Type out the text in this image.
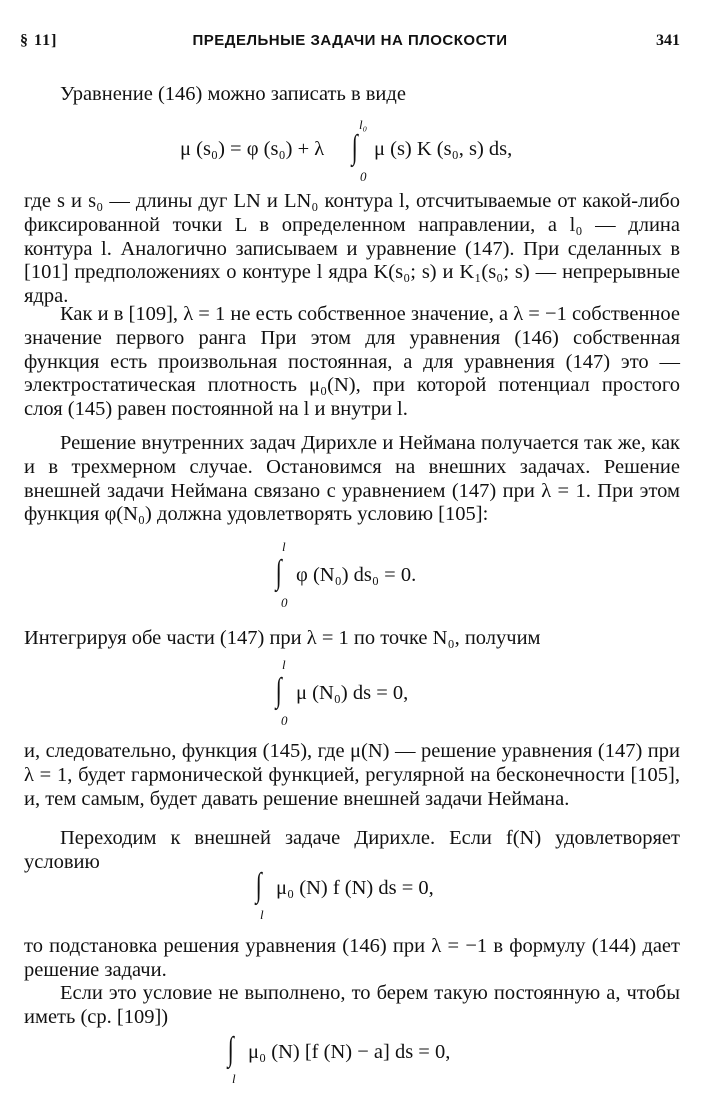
§ 11]	ПРЕДЕЛЬНЫЕ ЗАДАЧИ НА ПЛОСКОСТИ	341
Уравнение (146) можно записать в виде
μ (s₀) = φ (s₀) + λ ∫
l₀
0
μ (s) K (s₀, s) ds,
где s и s₀ — длины дуг LN и LN₀ контура l, отсчитываемые от какой-либо фиксированной точки L в определенном направлении, а l₀ — длина контура l. Аналогично записываем и уравнение (147). При сделанных в [101] предположениях о контуре l ядра K(s₀; s) и K₁(s₀; s) — непрерывные ядра.
Как и в [109], λ = 1 не есть собственное значение, а λ = −1 собственное значение первого ранга При этом для уравнения (146) собственная функция есть произвольная постоянная, а для уравнения (147) это — электростатическая плотность μ₀(N), при которой потенциал простого слоя (145) равен постоянной на l и внутри l.
Решение внутренних задач Дирихле и Неймана получается так же, как и в трехмерном случае. Остановимся на внешних задачах. Решение внешней задачи Неймана связано с уравнением (147) при λ = 1. При этом функция φ(N₀) должна удовлетворять условию [105]:
∫
l
0
φ (N₀) ds₀ = 0.
Интегрируя обе части (147) при λ = 1 по точке N₀, получим
∫
l
0
μ (N₀) ds = 0,
и, следовательно, функция (145), где μ(N) — решение уравнения (147) при λ = 1, будет гармонической функцией, регулярной на бесконечности [105], и, тем самым, будет давать решение внешней задачи Неймана.
Переходим к внешней задаче Дирихле. Если f(N) удовлетворяет условию
∫
l
μ₀ (N) f (N) ds = 0,
то подстановка решения уравнения (146) при λ = −1 в формулу (144) дает решение задачи.
Если это условие не выполнено, то берем такую постоянную a, чтобы иметь (ср. [109])
∫
l
μ₀ (N) [f (N) − a] ds = 0,
